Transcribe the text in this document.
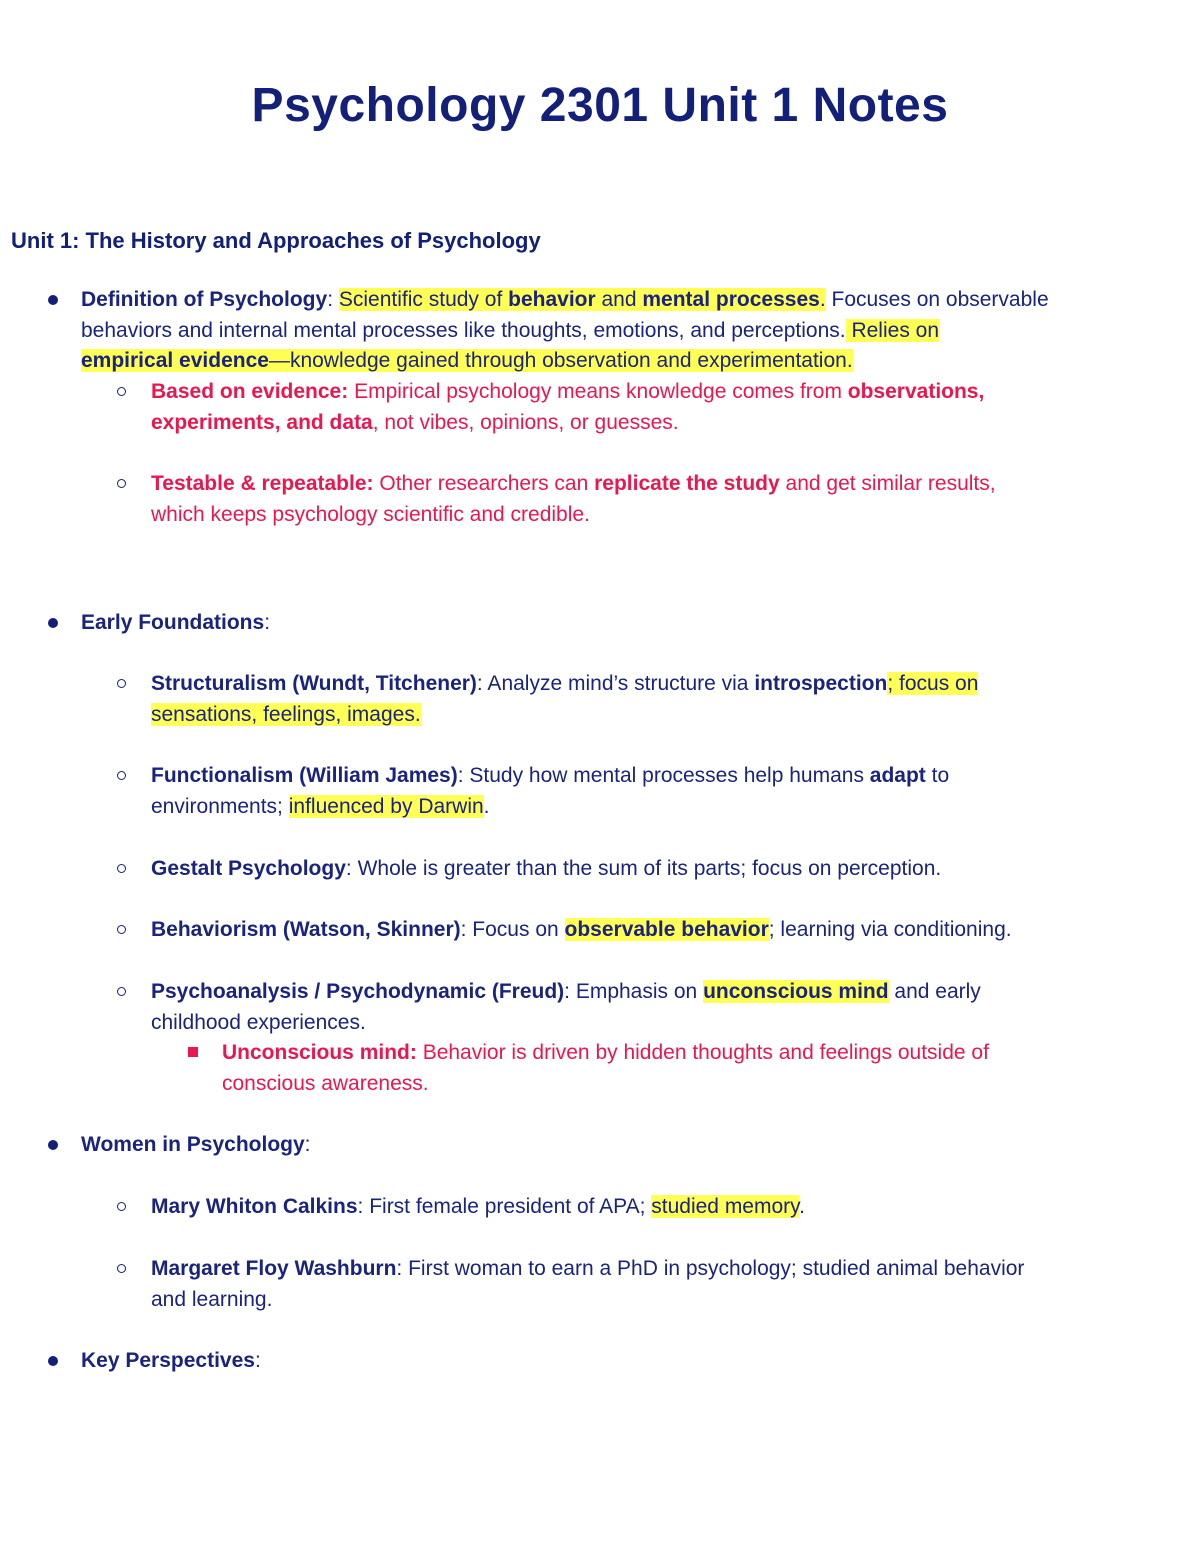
Psychology 2301 Unit 1 Notes
Unit 1: The History and Approaches of Psychology
Definition of Psychology: Scientific study of behavior and mental processes. Focuses on observable
behaviors and internal mental processes like thoughts, emotions, and perceptions. Relies on
empirical evidence—knowledge gained through observation and experimentation.
Based on evidence: Empirical psychology means knowledge comes from observations,
experiments, and data, not vibes, opinions, or guesses.
Testable & repeatable: Other researchers can replicate the study and get similar results,
which keeps psychology scientific and credible.
Early Foundations:
Structuralism (Wundt, Titchener): Analyze mind’s structure via introspection; focus on
sensations, feelings, images.
Functionalism (William James): Study how mental processes help humans adapt to
environments; influenced by Darwin.
Gestalt Psychology: Whole is greater than the sum of its parts; focus on perception.
Behaviorism (Watson, Skinner): Focus on observable behavior; learning via conditioning.
Psychoanalysis / Psychodynamic (Freud): Emphasis on unconscious mind and early
childhood experiences.
Unconscious mind: Behavior is driven by hidden thoughts and feelings outside of
conscious awareness.
Women in Psychology:
Mary Whiton Calkins: First female president of APA; studied memory.
Margaret Floy Washburn: First woman to earn a PhD in psychology; studied animal behavior
and learning.
Key Perspectives:
